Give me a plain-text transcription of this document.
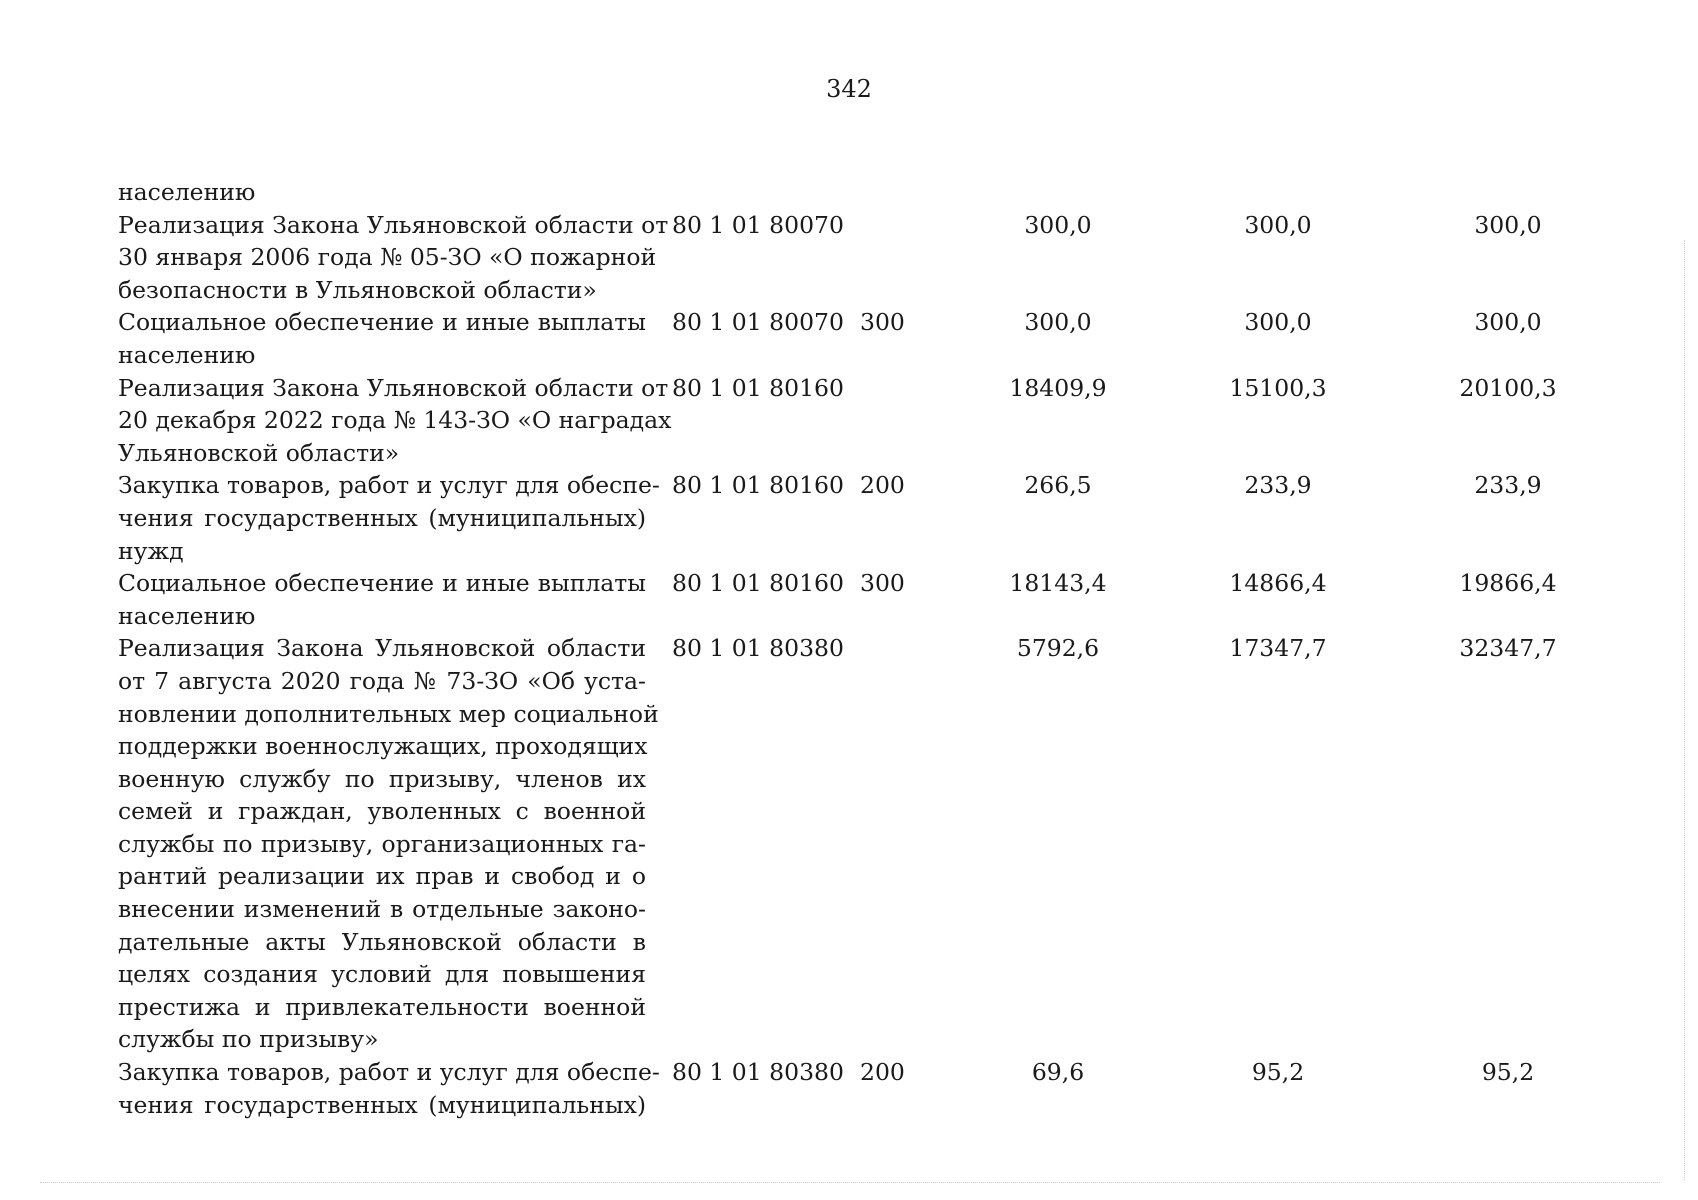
342
населению
Реализация Закона Ульяновской области от
30 января 2006 года № 05-ЗО «О пожарной
безопасности в Ульяновской области»
80 1 01 80070	300,0	300,0	300,0
Социальное обеспечение и иные выплаты
населению
80 1 01 80070 300	300,0	300,0	300,0
Реализация Закона Ульяновской области от
20 декабря 2022 года № 143-ЗО «О наградах
Ульяновской области»
80 1 01 80160	18409,9	15100,3	20100,3
Закупка товаров, работ и услуг для обеспе-
чения государственных (муниципальных)
нужд
80 1 01 80160 200	266,5	233,9	233,9
Социальное обеспечение и иные выплаты
населению
80 1 01 80160 300	18143,4	14866,4	19866,4
Реализация Закона Ульяновской области
от 7 августа 2020 года № 73-ЗО «Об уста-
новлении дополнительных мер социальной
поддержки военнослужащих, проходящих
военную службу по призыву, членов их
семей и граждан, уволенных с военной
службы по призыву, организационных га-
рантий реализации их прав и свобод и о
внесении изменений в отдельные законо-
дательные акты Ульяновской области в
целях создания условий для повышения
престижа и привлекательности военной
службы по призыву»
80 1 01 80380	5792,6	17347,7	32347,7
Закупка товаров, работ и услуг для обеспе-
чения государственных (муниципальных)
80 1 01 80380 200	69,6	95,2	95,2
